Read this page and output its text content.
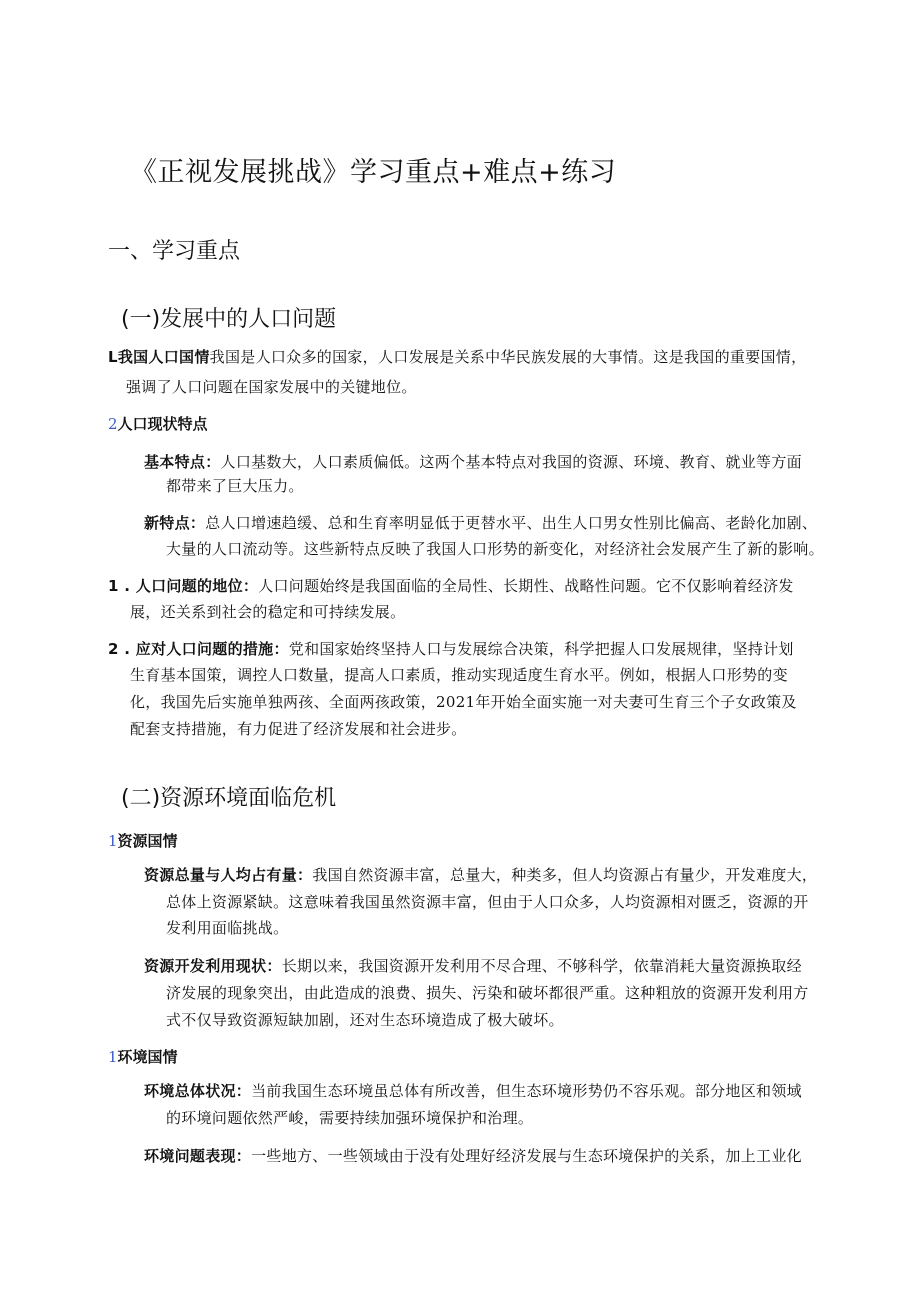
《正视发展挑战》学习重点+难点+练习
一、学习重点
(一)发展中的人口问题
L我国人口国情我国是人口众多的国家，人口发展是关系中华民族发展的大事情。这是我国的重要国情，
强调了人口问题在国家发展中的关键地位。
2人口现状特点
基本特点：人口基数大，人口素质偏低。这两个基本特点对我国的资源、环境、教育、就业等方面
都带来了巨大压力。
新特点：总人口增速趋缓、总和生育率明显低于更替水平、出生人口男女性别比偏高、老龄化加剧、
大量的人口流动等。这些新特点反映了我国人口形势的新变化，对经济社会发展产生了新的影响。
1 . 人口问题的地位：人口问题始终是我国面临的全局性、长期性、战略性问题。它不仅影响着经济发
展，还关系到社会的稳定和可持续发展。
2 . 应对人口问题的措施：党和国家始终坚持人口与发展综合决策，科学把握人口发展规律，坚持计划
生育基本国策，调控人口数量，提高人口素质，推动实现适度生育水平。例如，根据人口形势的变
化，我国先后实施单独两孩、全面两孩政策，2021年开始全面实施一对夫妻可生育三个子女政策及
配套支持措施，有力促进了经济发展和社会进步。
(二)资源环境面临危机
1资源国情
资源总量与人均占有量：我国自然资源丰富，总量大，种类多，但人均资源占有量少，开发难度大，
总体上资源紧缺。这意味着我国虽然资源丰富，但由于人口众多，人均资源相对匮乏，资源的开
发利用面临挑战。
资源开发利用现状：长期以来，我国资源开发利用不尽合理、不够科学，依靠消耗大量资源换取经
济发展的现象突出，由此造成的浪费、损失、污染和破坏都很严重。这种粗放的资源开发利用方
式不仅导致资源短缺加剧，还对生态环境造成了极大破坏。
1环境国情
环境总体状况：当前我国生态环境虽总体有所改善，但生态环境形势仍不容乐观。部分地区和领域
的环境问题依然严峻，需要持续加强环境保护和治理。
环境问题表现：一些地方、一些领域由于没有处理好经济发展与生态环境保护的关系，加上工业化
